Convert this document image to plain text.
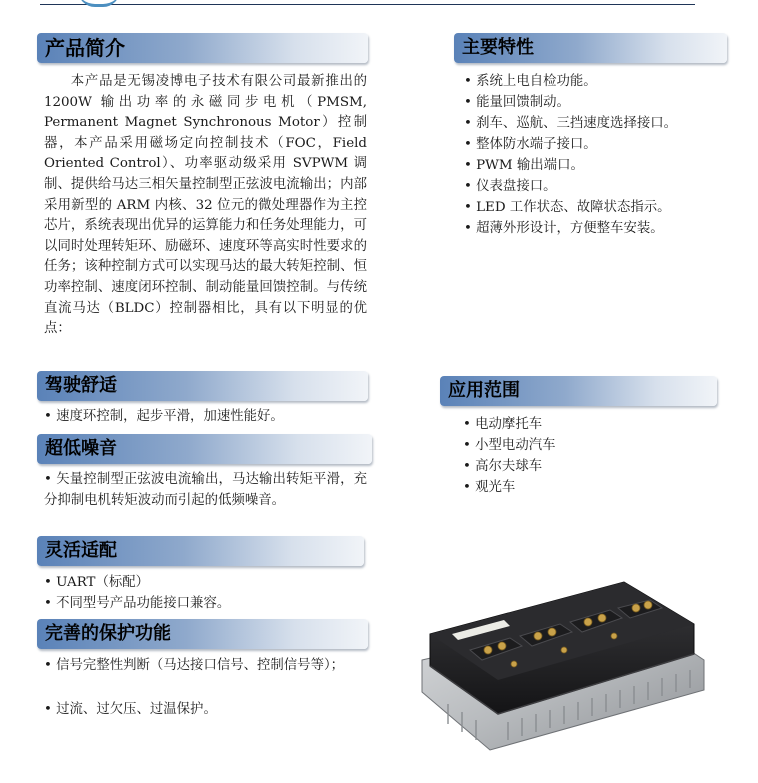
产品简介

本产品是无锡凌博电子技术有限公司最新推出的 1200W 输出功率的永磁同步电机（PMSM, Permanent Magnet Synchronous Motor）控制器，本产品采用磁场定向控制技术（FOC，Field Oriented Control）、功率驱动级采用 SVPWM 调制、提供给马达三相矢量控制型正弦波电流输出；内部采用新型的 ARM 内核、32 位元的微处理器作为主控芯片，系统表现出优异的运算能力和任务处理能力，可以同时处理转矩环、励磁环、速度环等高实时性要求的任务；该种控制方式可以实现马达的最大转矩控制、恒功率控制、速度闭环控制、制动能量回馈控制。与传统直流马达（BLDC）控制器相比，具有以下明显的优点：

驾驶舒适
• 速度环控制，起步平滑，加速性能好。
超低噪音

• 矢量控制型正弦波电流输出，马达输出转矩平滑，充分抑制电机转矩波动而引起的低频噪音。

灵活适配
• UART（标配）
• 不同型号产品功能接口兼容。
完善的保护功能

• 信号完整性判断（马达接口信号、控制信号等）；

• 过流、过欠压、过温保护。

主要特性
• 系统上电自检功能。
• 能量回馈制动。
• 刹车、巡航、三挡速度选择接口。
• 整体防水端子接口。
• PWM 输出端口。
• 仪表盘接口。
• LED 工作状态、故障状态指示。
• 超薄外形设计，方便整车安装。
应用范围
• 电动摩托车
• 小型电动汽车
• 高尔夫球车
• 观光车
